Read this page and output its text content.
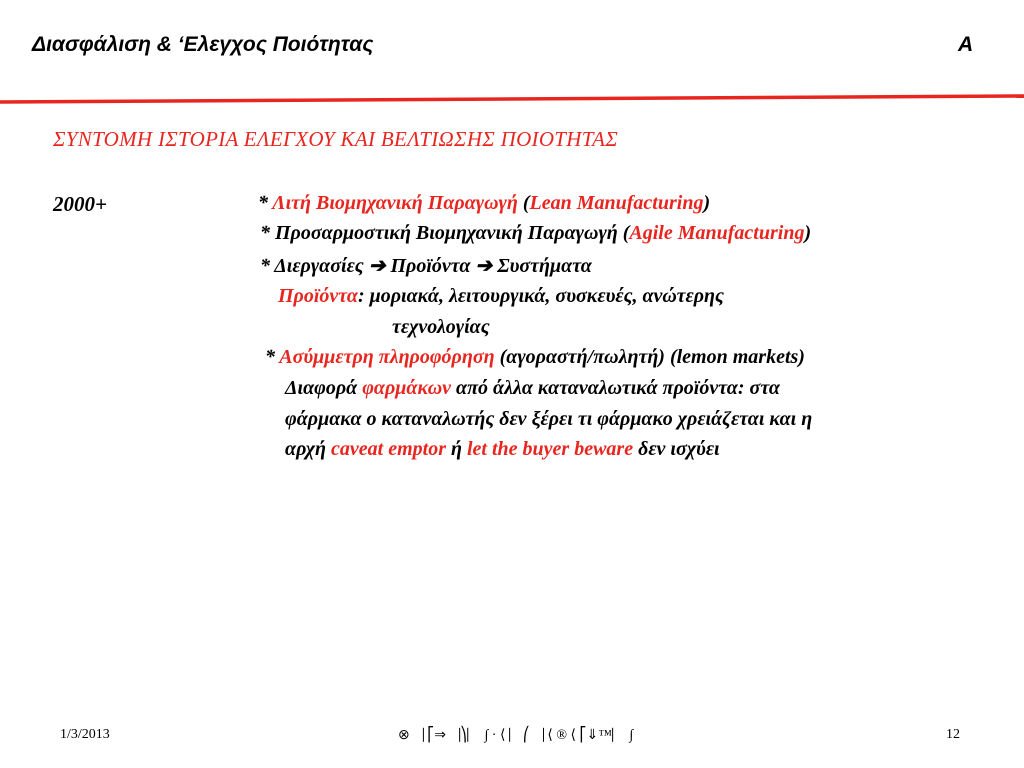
Διασφάλιση & ‘Ελεγχος Ποιότητας	Α
ΣΥΝΤΟΜΗ ΙΣΤΟΡΙΑ ΕΛΕΓΧΟΥ ΚΑΙ ΒΕΛΤΙΩΣΗΣ ΠΟΙΟΤΗΤΑΣ
2000+	* Λιτή Βιομηχανική Παραγωγή (Lean Manufacturing)
* Προσαρμοστική Βιομηχανική Παραγωγή (Agile Manufacturing)
* Διεργασίες ➔ Προϊόντα ➔ Συστήματα
Προϊόντα: μοριακά, λειτουργικά, συσκευές, ανώτερης
τεχνολογίας
* Ασύμμετρη πληροφόρηση (αγοραστή/πωλητή) (lemon markets)
Διαφορά φαρμάκων από άλλα καταναλωτικά προϊόντα: στα
φάρμακα ο καταναλωτής δεν ξέρει τι φάρμακο χρειάζεται και η
αρχή caveat emptor ή let the buyer beware δεν ισχύει
1/3/2013	⊗⎹ ⎡⇒⎹⎞⎸ ∫ · ⟨ ⎸⎛⎹ ⟨ ® ⟨ ⎡⇓™⎸ ∫	12
